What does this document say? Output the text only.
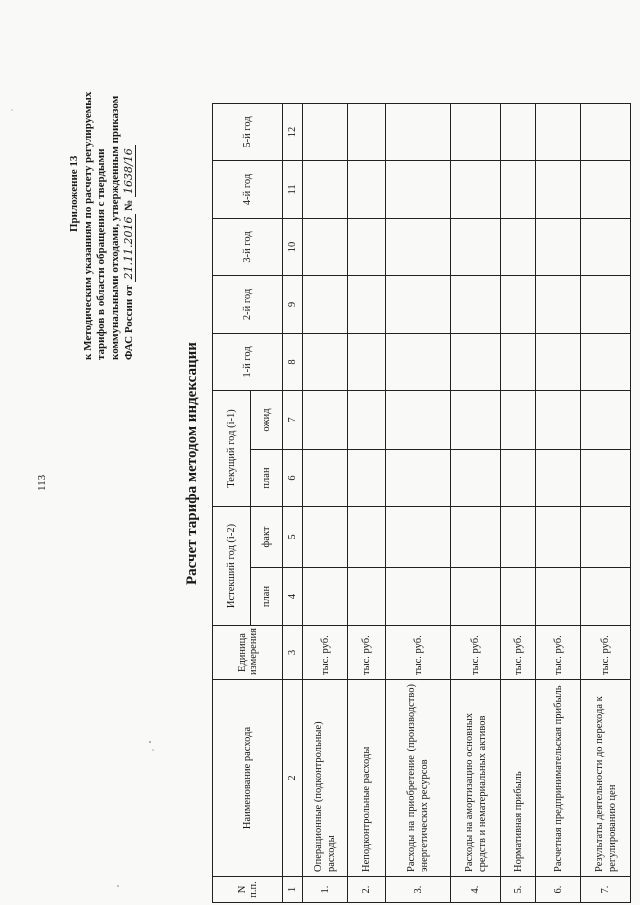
113
Приложение 13 к Методическим указаниям по расчету регулируемых тарифов в области обращения с твердыми коммунальными отходами, утвержденным приказом ФАС России от 21.11.2016 № 1638/16
Расчет тарифа методом индексации
N п.п.	Наименование расхода	Единица измерения	Истекший год (i-2)		Текущий год (i-1)		1-й год	2-й год	3-й год	4-й год	5-й год
			план	факт	план	ожид					
1	2	3	4	5	6	7	8	9	10	11	12
1.	Операционные (подконтрольные) расходы	тыс. руб.									
2.	Неподконтрольные расходы	тыс. руб.									
3.	Расходы на приобретение (производство) энергетических ресурсов	тыс. руб.									
4.	Расходы на амортизацию основных средств и нематериальных активов	тыс. руб.									
5.	Нормативная прибыль	тыс. руб.									
6.	Расчетная предпринимательская прибыль	тыс. руб.									
7.	Результаты деятельности до перехода к регулированию цен	тыс. руб.									
